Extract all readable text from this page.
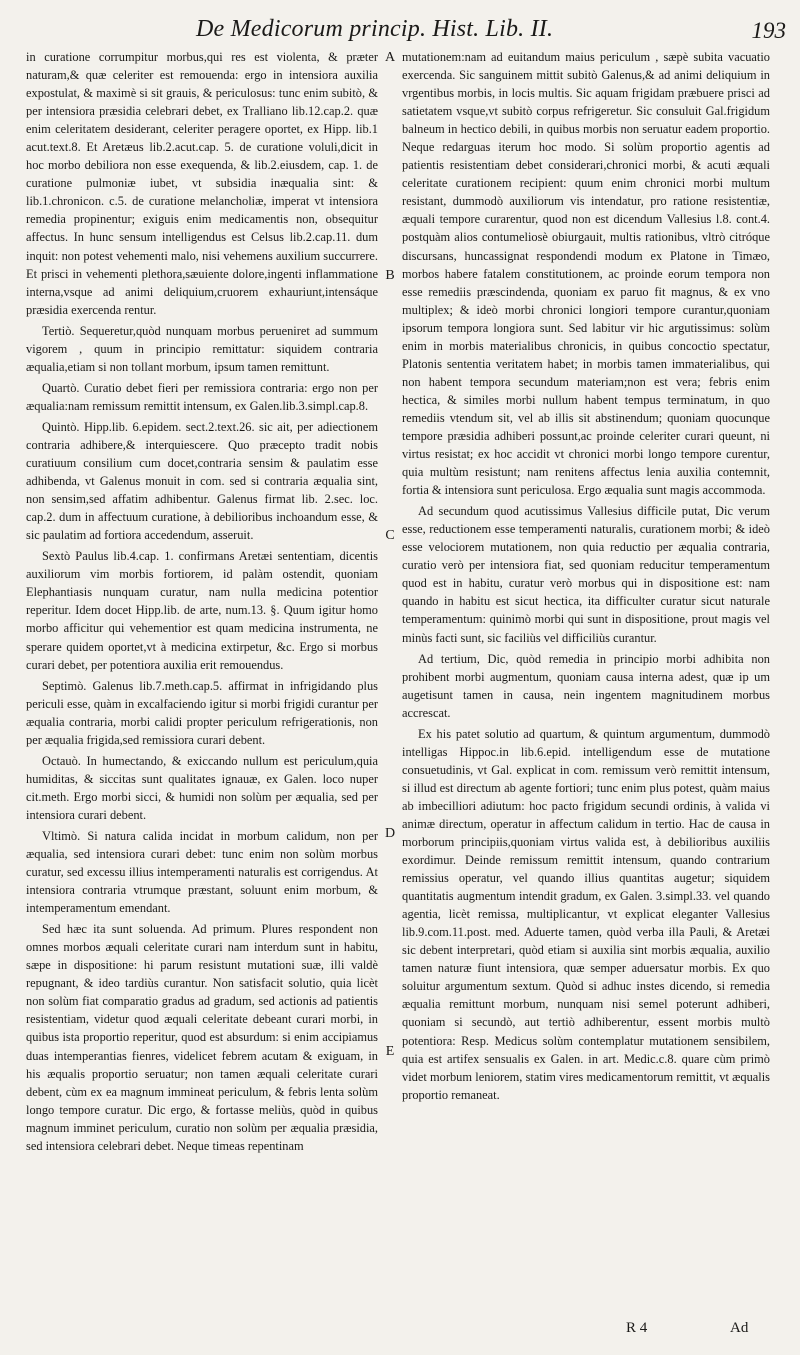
De Medicorum princip. Hist. Lib. II.	193

in curatione corrumpitur morbus,qui res est violenta, & præter naturam,& quæ celeriter est remouenda: ergo in intensiora auxilia expostulat, & maximè si sit grauis, & periculosus: tunc enim subitò, & per intensiora præsidia celebrari debet, ex Tralliano lib.12.cap.2. quæ enim celeritatem desiderant, celeriter peragere oportet, ex Hipp. lib.1 acut.text.8. Et Aretæus lib.2.acut.cap. 5. de curatione voluli,dicit in hoc morbo debiliora non esse exequenda, & lib.2.eiusdem, cap. 1. de curatione pulmoniæ iubet, vt subsidia inæqualia sint: & lib.1.chronicon. c.5. de curatione melancholiæ, imperat vt intensiora remedia propinentur; exiguis enim medicamentis non, obsequitur affectus. In hunc sensum intelligendus est Celsus lib.2.cap.11. dum inquit: non potest vehementi malo, nisi vehemens auxilium succurrere. Et prisci in vehementi plethora,sæuiente dolore,ingenti inflammatione interna,vsque ad animi deliquium,cruorem exhauriunt,intensáque præsidia exercenda rentur.

Tertiò. Sequeretur,quòd nunquam morbus perueniret ad summum vigorem , quum in principio remittatur: siquidem contraria æqualia,etiam si non tollant morbum, ipsum tamen remittunt.

Quartò. Curatio debet fieri per remissiora contraria: ergo non per æqualia:nam remissum remittit intensum, ex Galen.lib.3.simpl.cap.8.

Quintò. Hipp.lib. 6.epidem. sect.2.text.26. sic ait, per adiectionem contraria adhibere,& interquiescere. Quo præcepto tradit nobis curatiuum consilium cum docet,contraria sensim & paulatim esse adhibenda, vt Galenus monuit in com. sed si contraria æqualia sint, non sensim,sed affatim adhibentur. Galenus firmat lib. 2.sec. loc. cap.2. dum in affectuum curatione, à debilioribus inchoandum esse, & sic paulatim ad fortiora accedendum, asseruit.

Sextò Paulus lib.4.cap. 1. confirmans Aretæi sententiam, dicentis auxiliorum vim morbis fortiorem, id palàm ostendit, quoniam Elephantiasis nunquam curatur, nam nulla medicina potentior reperitur. Idem docet Hipp.lib. de arte, num.13. §. Quum igitur homo morbo afficitur qui vehementior est quam medicina instrumenta, ne sperare quidem oportet,vt à medicina extirpetur, &c. Ergo si morbus curari debet, per potentiora auxilia erit remouendus.

Septimò. Galenus lib.7.meth.cap.5. affirmat in infrigidando plus periculi esse, quàm in excalfaciendo igitur si morbi frigidi curantur per æqualia contraria, morbi calidi propter periculum refrigerationis, non per æqualia frigida,sed remissiora curari debent.

Octauò. In humectando, & exiccando nullum est periculum,quia humiditas, & siccitas sunt qualitates ignauæ, ex Galen. loco nuper cit.meth. Ergo morbi sicci, & humidi non solùm per æqualia, sed per intensiora curari debent.

Vltimò. Si natura calida incidat in morbum calidum, non per æqualia, sed intensiora curari debet: tunc enim non solùm morbus curatur, sed excessu illius intemperamenti naturalis est corrigendus. At intensiora contraria vtrumque præstant, soluunt enim morbum, & intemperamentum emendant.

Sed hæc ita sunt soluenda. Ad primum. Plures respondent non omnes morbos æquali celeritate curari nam interdum sunt in habitu, sæpe in dispositione: hi parum resistunt mutationi suæ, illi valdè repugnant, & ideo tardiùs curantur. Non satisfacit solutio, quia licèt non solùm fiat comparatio gradus ad gradum, sed actionis ad patientis resistentiam, videtur quod æquali celeritate debeant curari morbi, in quibus ista proportio reperitur, quod est absurdum: si enim accipiamus duas intemperantias fienres, videlicet febrem acutam & exiguam, in his æqualis proportio seruatur; non tamen æquali celeritate curari debent, cùm ex ea magnum immineat periculum, & febris lenta solùm longo tempore curatur. Dic ergo, & fortasse meliùs, quòd in quibus magnum imminet periculum, curatio non solùm per æqualia præsidia, sed intensiora celebrari debet. Neque timeas repentinam

A
B
C
D
E

mutationem:nam ad euitandum maius periculum , sæpè subita vacuatio exercenda. Sic sanguinem mittit subitò Galenus,& ad animi deliquium in vrgentibus morbis, in locis multis. Sic aquam frigidam præbuere prisci ad satietatem vsque,vt subitò corpus refrigeretur. Sic consuluit Gal.frigidum balneum in hectico debili, in quibus morbis non seruatur eadem proportio. Neque redarguas iterum hoc modo. Si solùm proportio agentis ad patientis resistentiam debet considerari,chronici morbi, & acuti æquali celeritate curationem recipient: quum enim chronici morbi multum resistant, dummodò auxiliorum vis intendatur, pro ratione resistentiæ, æquali tempore curarentur, quod non est dicendum Vallesius l.8. cont.4. postquàm alios contumeliosè obiurgauit, multis rationibus, vltrò citróque discursans, huncassignat respondendi modum ex Platone in Timæo, morbos habere fatalem constitutionem, ac proinde eorum tempora non esse remediis præscindenda, quoniam ex paruo fit magnus, & ex vno multiplex; & ideò morbi chronici longiori tempore curantur,quoniam ipsorum tempora longiora sunt. Sed labitur vir hic argutissimus: solùm enim in morbis materialibus chronicis, in quibus concoctio spectatur, Platonis sententia veritatem habet; in morbis tamen immaterialibus, qui non habent tempora secundum materiam;non est vera; febris enim hectica, & similes morbi nullum habent tempus terminatum, in quo remediis vtendum sit, vel ab illis sit abstinendum; quoniam quocunque tempore præsidia adhiberi possunt,ac proinde celeriter curari queunt, ni virtus resistat; ex hoc accidit vt chronici morbi longo tempore curentur, quia multùm resistunt; nam renitens affectus lenia auxilia contemnit, fortia & intensiora sunt periculosa. Ergo æqualia sunt magis accommoda.

Ad secundum quod acutissimus Vallesius difficile putat, Dic verum esse, reductionem esse temperamenti naturalis, curationem morbi; & ideò esse velociorem mutationem, non quia reductio per æqualia contraria, curatio verò per intensiora fiat, sed quoniam reducitur temperamentum quod est in habitu, curatur verò morbus qui in dispositione est: nam quando in habitu est sicut hectica, ita difficulter curatur sicut naturale temperamentum: quinimò morbi qui sunt in dispositione, prout magis vel minùs facti sunt, sic faciliùs vel difficiliùs curantur.

Ad tertium, Dic, quòd remedia in principio morbi adhibita non prohibent morbi augmentum, quoniam causa interna adest, quæ ip um augetisunt tamen in causa, nein ingentem magnitudinem morbus accrescat.

Ex his patet solutio ad quartum, & quintum argumentum, dummodò intelligas Hippoc.in lib.6.epid. intelligendum esse de mutatione consuetudinis, vt Gal. explicat in com. remissum verò remittit intensum, si illud est directum ab agente fortiori; tunc enim plus potest, quàm maius ab imbecilliori adiutum: hoc pacto frigidum secundi ordinis, à valida vi animæ directum, operatur in affectum calidum in tertio. Hac de causa in morborum principiis,quoniam virtus valida est, à debilioribus auxiliis exordimur. Deinde remissum remittit intensum, quando contrarium remissius operatur, vel quando illius quantitas augetur; siquidem quantitatis augmentum intendit gradum, ex Galen. 3.simpl.33. vel quando agentia, licèt remissa, multiplicantur, vt explicat eleganter Vallesius lib.9.com.11.post. med. Aduerte tamen, quòd verba illa Pauli, & Aretæi sic debent interpretari, quòd etiam si auxilia sint morbis æqualia, auxilio tamen naturæ fiunt intensiora, quæ semper aduersatur morbis. Ex quo soluitur argumentum sextum. Quòd si adhuc instes dicendo, si remedia æqualia remittunt morbum, nunquam nisi semel poterunt adhiberi, quoniam si secundò, aut tertiò adhiberentur, essent morbis multò potentiora: Resp. Medicus solùm contemplatur mutationem sensibilem, quia est artifex sensualis ex Galen. in art. Medic.c.8. quare cùm primò videt morbum leniorem, statim vires medicamentorum remittit, vt æqualis proportio remaneat.

R 4	Ad
